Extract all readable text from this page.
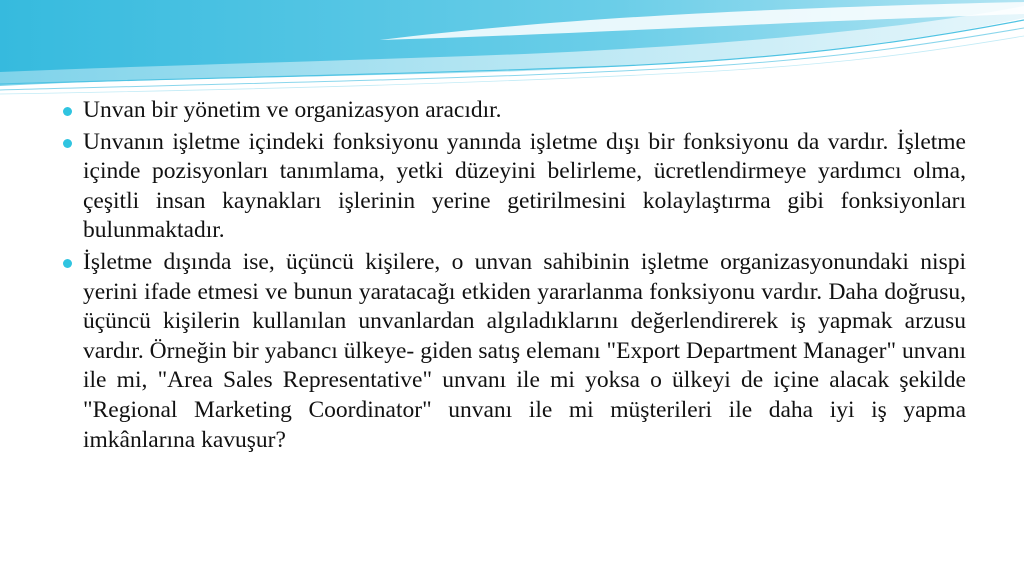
Unvan bir yönetim ve organizasyon aracıdır.
Unvanın işletme içindeki fonksiyonu yanında işletme dışı bir fonksiyonu da vardır. İşletme içinde pozisyonları tanımlama, yetki düzeyini belirleme, ücretlendirmeye yardımcı olma, çeşitli insan kaynakları işlerinin yerine getirilmesini kolaylaştırma gibi fonksiyonları bulunmaktadır.
İşletme dışında ise, üçüncü kişilere, o unvan sahibinin işletme organizasyonundaki nispi yerini ifade etmesi ve bunun yaratacağı etkiden yararlanma fonksiyonu vardır. Daha doğrusu, üçüncü kişilerin kullanılan unvanlardan algıladıklarını değerlendirerek iş yapmak arzusu vardır. Örneğin bir yabancı ülkeye- giden satış elemanı "Export Department Manager" unvanı ile mi, "Area Sales Representative" unvanı ile mi yoksa o ülkeyi de içine alacak şekilde "Regional Marketing Coordinator" unvanı ile mi müşterileri ile daha iyi iş yapma imkânlarına kavuşur?
